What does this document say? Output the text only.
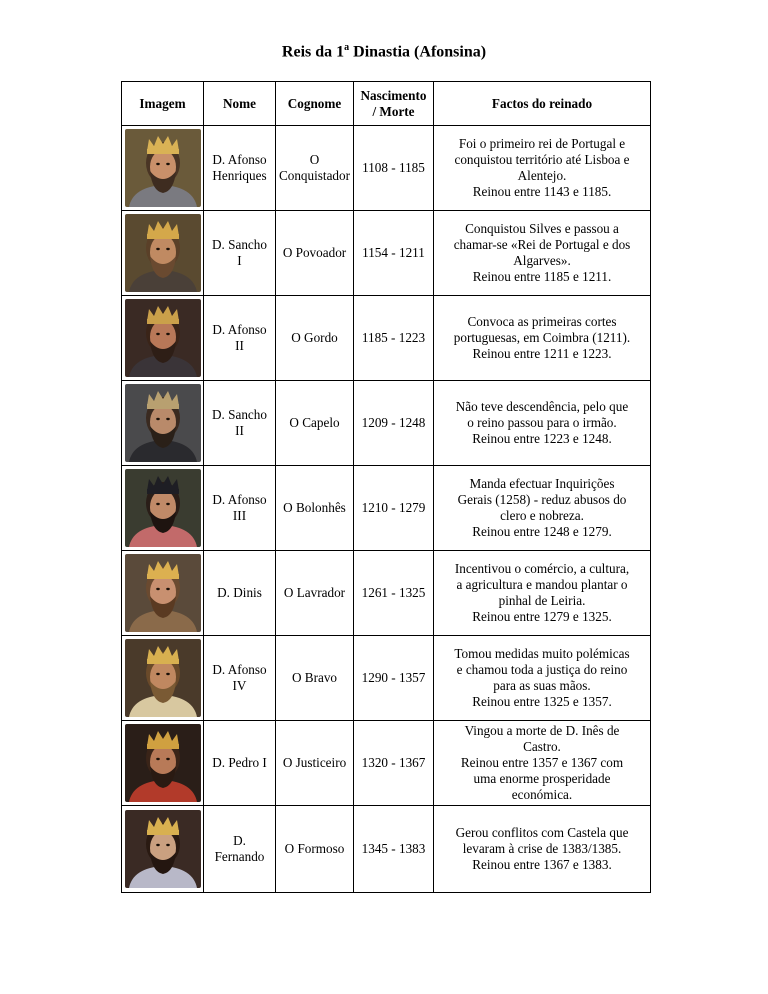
Reis da 1$^a$ Dinastia (Afonsina)
Imagem	Nome	Cognome	Nascimento
/ Morte	Factos do reinado

	D. Afonso
Henriques	O
Conquistador	1108 - 1185	Foi o primeiro rei de Portugal e
conquistou território até Lisboa e
Alentejo.
Reinou entre 1143 e 1185.

	D. Sancho
I	O Povoador	1154 - 1211	Conquistou Silves e passou a
chamar-se «Rei de Portugal e dos
Algarves».
Reinou entre 1185 e 1211.

	D. Afonso
II	O Gordo	1185 - 1223	Convoca as primeiras cortes
portuguesas, em Coimbra (1211).
Reinou entre 1211 e 1223.

	D. Sancho
II	O Capelo	1209 - 1248	Não teve descendência, pelo que
o reino passou para o irmão.
Reinou entre 1223 e 1248.

	D. Afonso
III	O Bolonhês	1210 - 1279	Manda efectuar Inquirições
Gerais (1258) - reduz abusos do
clero e nobreza.
Reinou entre 1248 e 1279.

	D. Dinis	O Lavrador	1261 - 1325	Incentivou o comércio, a cultura,
a agricultura e mandou plantar o
pinhal de Leiria.
Reinou entre 1279 e 1325.

	D. Afonso
IV	O Bravo	1290 - 1357	Tomou medidas muito polémicas
e chamou toda a justiça do reino
para as suas mãos.
Reinou entre 1325 e 1357.

	D. Pedro I	O Justiceiro	1320 - 1367	Vingou a morte de D. Inês de
Castro.
Reinou entre 1357 e 1367 com
uma enorme prosperidade
económica.

	D.
Fernando	O Formoso	1345 - 1383	Gerou conflitos com Castela que
levaram à crise de 1383/1385.
Reinou entre 1367 e 1383.
